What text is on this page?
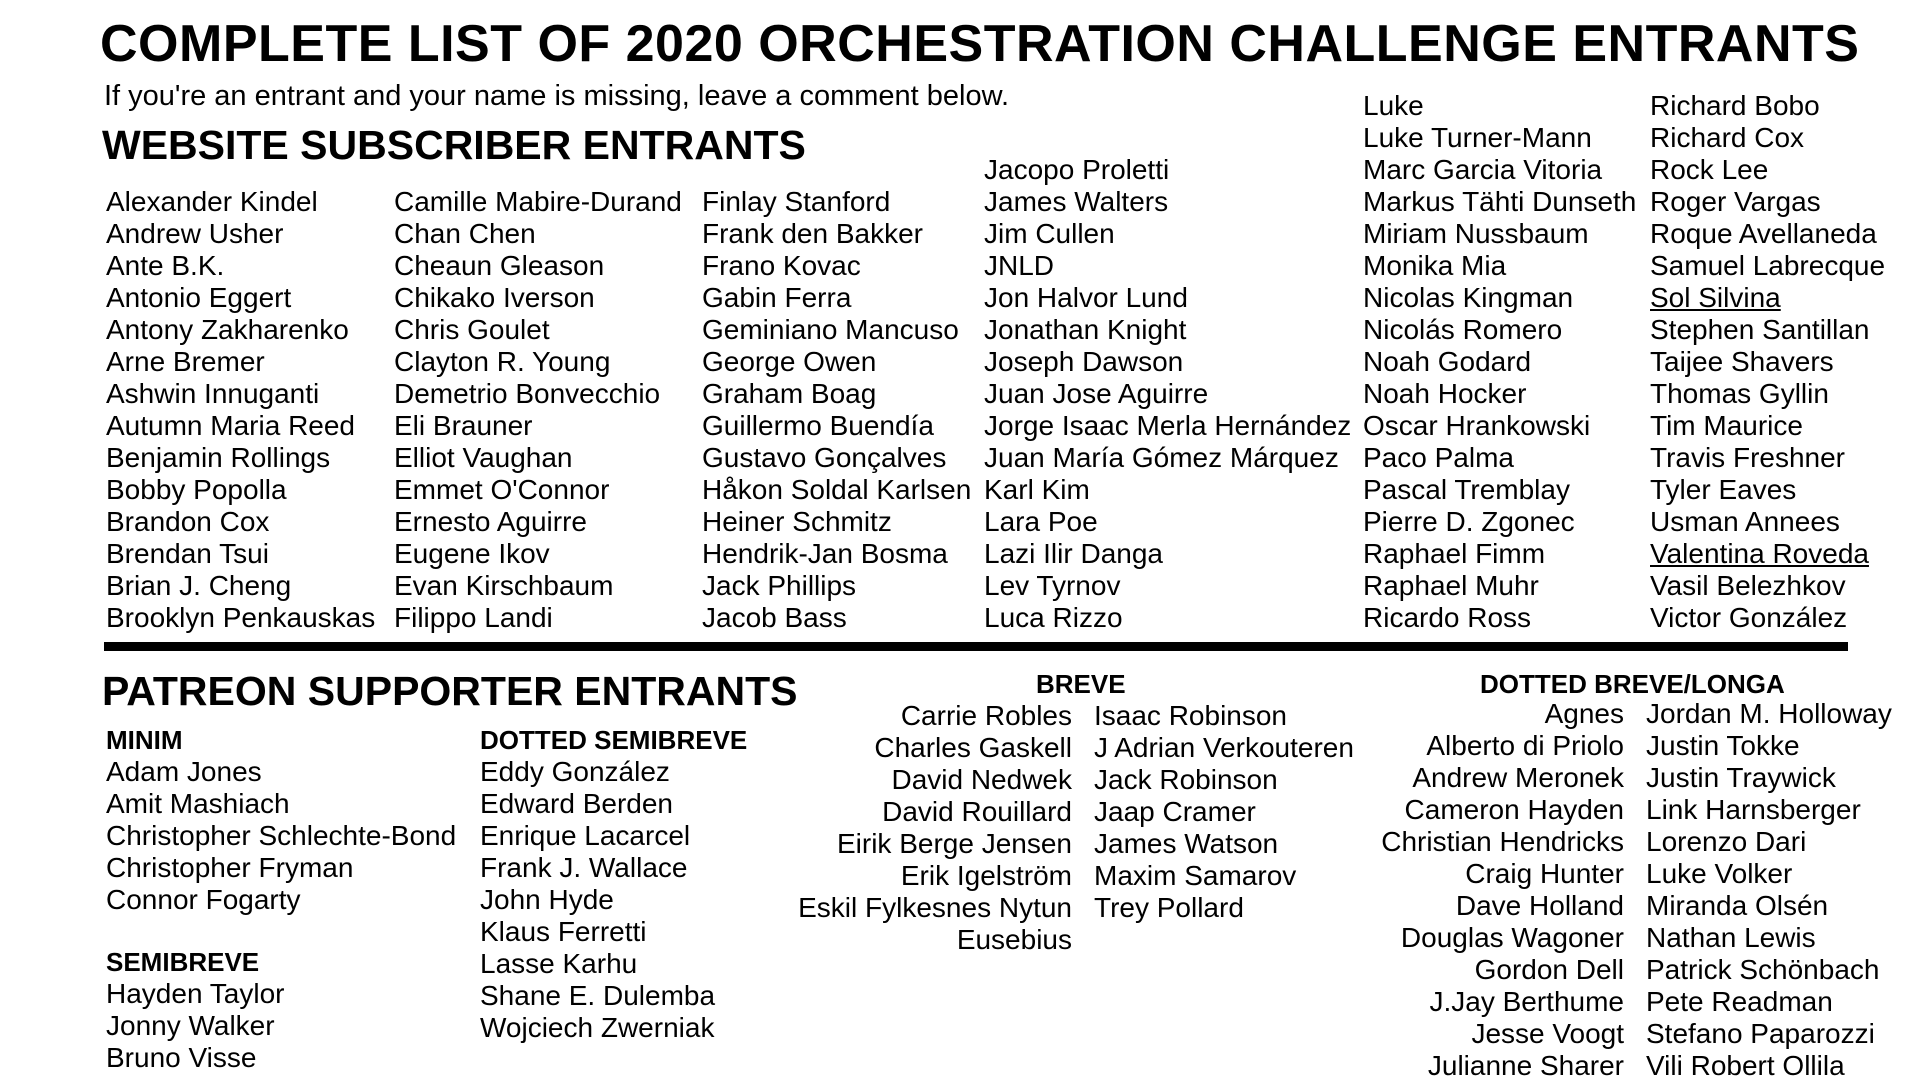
COMPLETE LIST OF 2020 ORCHESTRATION CHALLENGE ENTRANTS
If you're an entrant and your name is missing, leave a comment below.
WEBSITE SUBSCRIBER ENTRANTS
Alexander Kindel
Andrew Usher
Ante B.K.
Antonio Eggert
Antony Zakharenko
Arne Bremer
Ashwin Innuganti
Autumn Maria Reed
Benjamin Rollings
Bobby Popolla
Brandon Cox
Brendan Tsui
Brian J. Cheng
Brooklyn Penkauskas
Camille Mabire-Durand
Chan Chen
Cheaun Gleason
Chikako Iverson
Chris Goulet
Clayton R. Young
Demetrio Bonvecchio
Eli Brauner
Elliot Vaughan
Emmet O'Connor
Ernesto Aguirre
Eugene Ikov
Evan Kirschbaum
Filippo Landi
Finlay Stanford
Frank den Bakker
Frano Kovac
Gabin Ferra
Geminiano Mancuso
George Owen
Graham Boag
Guillermo Buendía
Gustavo Gonçalves
Håkon Soldal Karlsen
Heiner Schmitz
Hendrik-Jan Bosma
Jack Phillips
Jacob Bass
Jacopo Proletti
James Walters
Jim Cullen
JNLD
Jon Halvor Lund
Jonathan Knight
Joseph Dawson
Juan Jose Aguirre
Jorge Isaac Merla Hernández
Juan María Gómez Márquez
Karl Kim
Lara Poe
Lazi Ilir Danga
Lev Tyrnov
Luca Rizzo
Luke
Luke Turner-Mann
Marc Garcia Vitoria
Markus Tähti Dunseth
Miriam Nussbaum
Monika Mia
Nicolas Kingman
Nicolás Romero
Noah Godard
Noah Hocker
Oscar Hrankowski
Paco Palma
Pascal Tremblay
Pierre D. Zgonec
Raphael Fimm
Raphael Muhr
Ricardo Ross
Richard Bobo
Richard Cox
Rock Lee
Roger Vargas
Roque Avellaneda
Samuel Labrecque
Sol Silvina
Stephen Santillan
Taijee Shavers
Thomas Gyllin
Tim Maurice
Travis Freshner
Tyler Eaves
Usman Annees
Valentina Roveda
Vasil Belezhkov
Victor González
PATREON SUPPORTER ENTRANTS
MINIM
Adam Jones
Amit Mashiach
Christopher Schlechte-Bond
Christopher Fryman
Connor Fogarty
SEMIBREVE
Hayden Taylor
Jonny Walker
Bruno Visse
DOTTED SEMIBREVE
Eddy González
Edward Berden
Enrique Lacarcel
Frank J. Wallace
John Hyde
Klaus Ferretti
Lasse Karhu
Shane E. Dulemba
Wojciech Zwerniak
BREVE
Carrie Robles
Charles Gaskell
David Nedwek
David Rouillard
Eirik Berge Jensen
Erik Igelström
Eskil Fylkesnes Nytun
Eusebius
Isaac Robinson
J Adrian Verkouteren
Jack Robinson
Jaap Cramer
James Watson
Maxim Samarov
Trey Pollard
DOTTED BREVE/LONGA
Agnes
Alberto di Priolo
Andrew Meronek
Cameron Hayden
Christian Hendricks
Craig Hunter
Dave Holland
Douglas Wagoner
Gordon Dell
J.Jay Berthume
Jesse Voogt
Julianne Sharer
Jordan M. Holloway
Justin Tokke
Justin Traywick
Link Harnsberger
Lorenzo Dari
Luke Volker
Miranda Olsén
Nathan Lewis
Patrick Schönbach
Pete Readman
Stefano Paparozzi
Vili Robert Ollila
